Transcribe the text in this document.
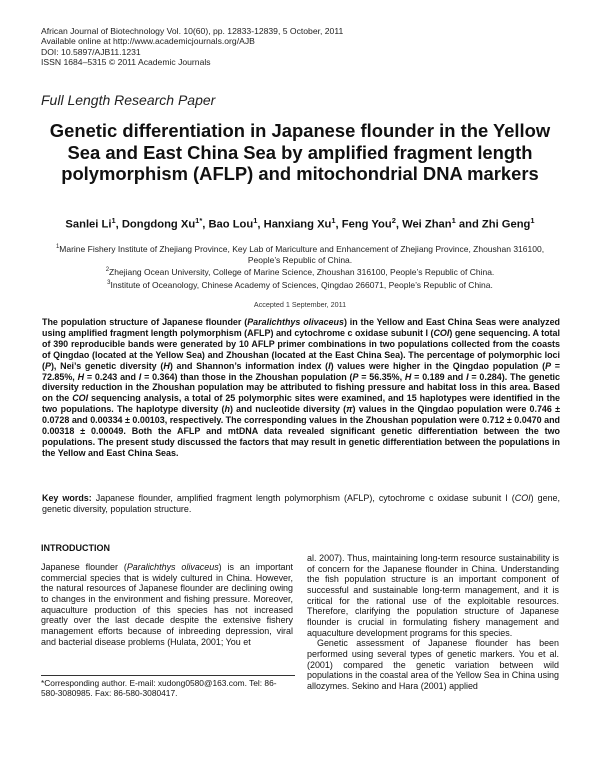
African Journal of Biotechnology Vol. 10(60), pp. 12833-12839, 5 October, 2011
Available online at http://www.academicjournals.org/AJB
DOI: 10.5897/AJB11.1231
ISSN 1684–5315 © 2011 Academic Journals
Full Length Research Paper
Genetic differentiation in Japanese flounder in the Yellow Sea and East China Sea by amplified fragment length polymorphism (AFLP) and mitochondrial DNA markers
Sanlei Li$^1$, Dongdong $Xu^{1*}$, Bao Lou$^1$, Hanxiang Xu$^1$, Feng You$^2$, Wei Zhan$^1$ and Zhi Geng$^1$
$^1$Marine Fishery Institute of Zhejiang Province, Key Lab of Mariculture and Enhancement of Zhejiang Province, Zhoushan 316100, People’s Republic of China.
$^2$Zhejiang Ocean University, College of Marine Science, Zhoushan 316100, People’s Republic of China.
$^3$Institute of Oceanology, Chinese Academy of Sciences, Qingdao 266071, People’s Republic of China.
Accepted 1 September, 2011
The population structure of Japanese flounder (Paralichthys olivaceus) in the Yellow and East China Seas were analyzed using amplified fragment length polymorphism (AFLP) and cytochrome c oxidase subunit I (COI) gene sequencing. A total of 390 reproducible bands were generated by 10 AFLP primer combinations in two populations collected from the coasts of Qingdao (located at the Yellow Sea) and Zhoushan (located at the East China Sea). The percentage of polymorphic loci (P), Nei’s genetic diversity (H) and Shannon’s information index (I) values were higher in the Qingdao population (P = 72.85%, H = 0.243 and I = 0.364) than those in the Zhoushan population (P = 56.35%, H = 0.189 and I = 0.284). The genetic diversity reduction in the Zhoushan population may be attributed to fishing pressure and habitat loss in this area. Based on the COI sequencing analysis, a total of 25 polymorphic sites were examined, and 15 haplotypes were identified in the two populations. The haplotype diversity (h) and nucleotide diversity (π) values in the Qingdao population were 0.746 ± 0.0728 and 0.00334 ± 0.00103, respectively. The corresponding values in the Zhoushan population were 0.712 ± 0.0470 and 0.00318 ± 0.00049. Both the AFLP and mtDNA data revealed significant genetic differentiation between the two populations. The present study discussed the factors that may result in genetic differentiation between the populations in the Yellow and East China Seas.
Key words: Japanese flounder, amplified fragment length polymorphism (AFLP), cytochrome c oxidase subunit I (COI) gene, genetic diversity, population structure.
INTRODUCTION

Japanese flounder (Paralichthys olivaceus) is an important commercial species that is widely cultured in China. However, the natural resources of Japanese flounder are declining owing to changes in the environment and fishing pressure. Moreover, aquaculture production of this species has not increased greatly over the last decade despite the extensive fishery management efforts because of inbreeding depression, viral and bacterial disease problems (Hulata, 2001; You et

al. 2007). Thus, maintaining long-term resource sustainability is of concern for the Japanese flounder in China. Understanding the fish population structure is an important component of successful and sustainable long-term management, and it is critical for the rational use of the exploitable resources. Therefore, clarifying the population structure of Japanese flounder is crucial in formulating fishery management and aquaculture development programs for this species.

Genetic assessment of Japanese flounder has been performed using several types of genetic markers. You et al. (2001) compared the genetic variation between wild populations in the coastal area of the Yellow Sea in China using allozymes. Sekino and Hara (2001) applied

*Corresponding author. E-mail: xudong0580@163.com. Tel: 86-580-3080985. Fax: 86-580-3080417.
